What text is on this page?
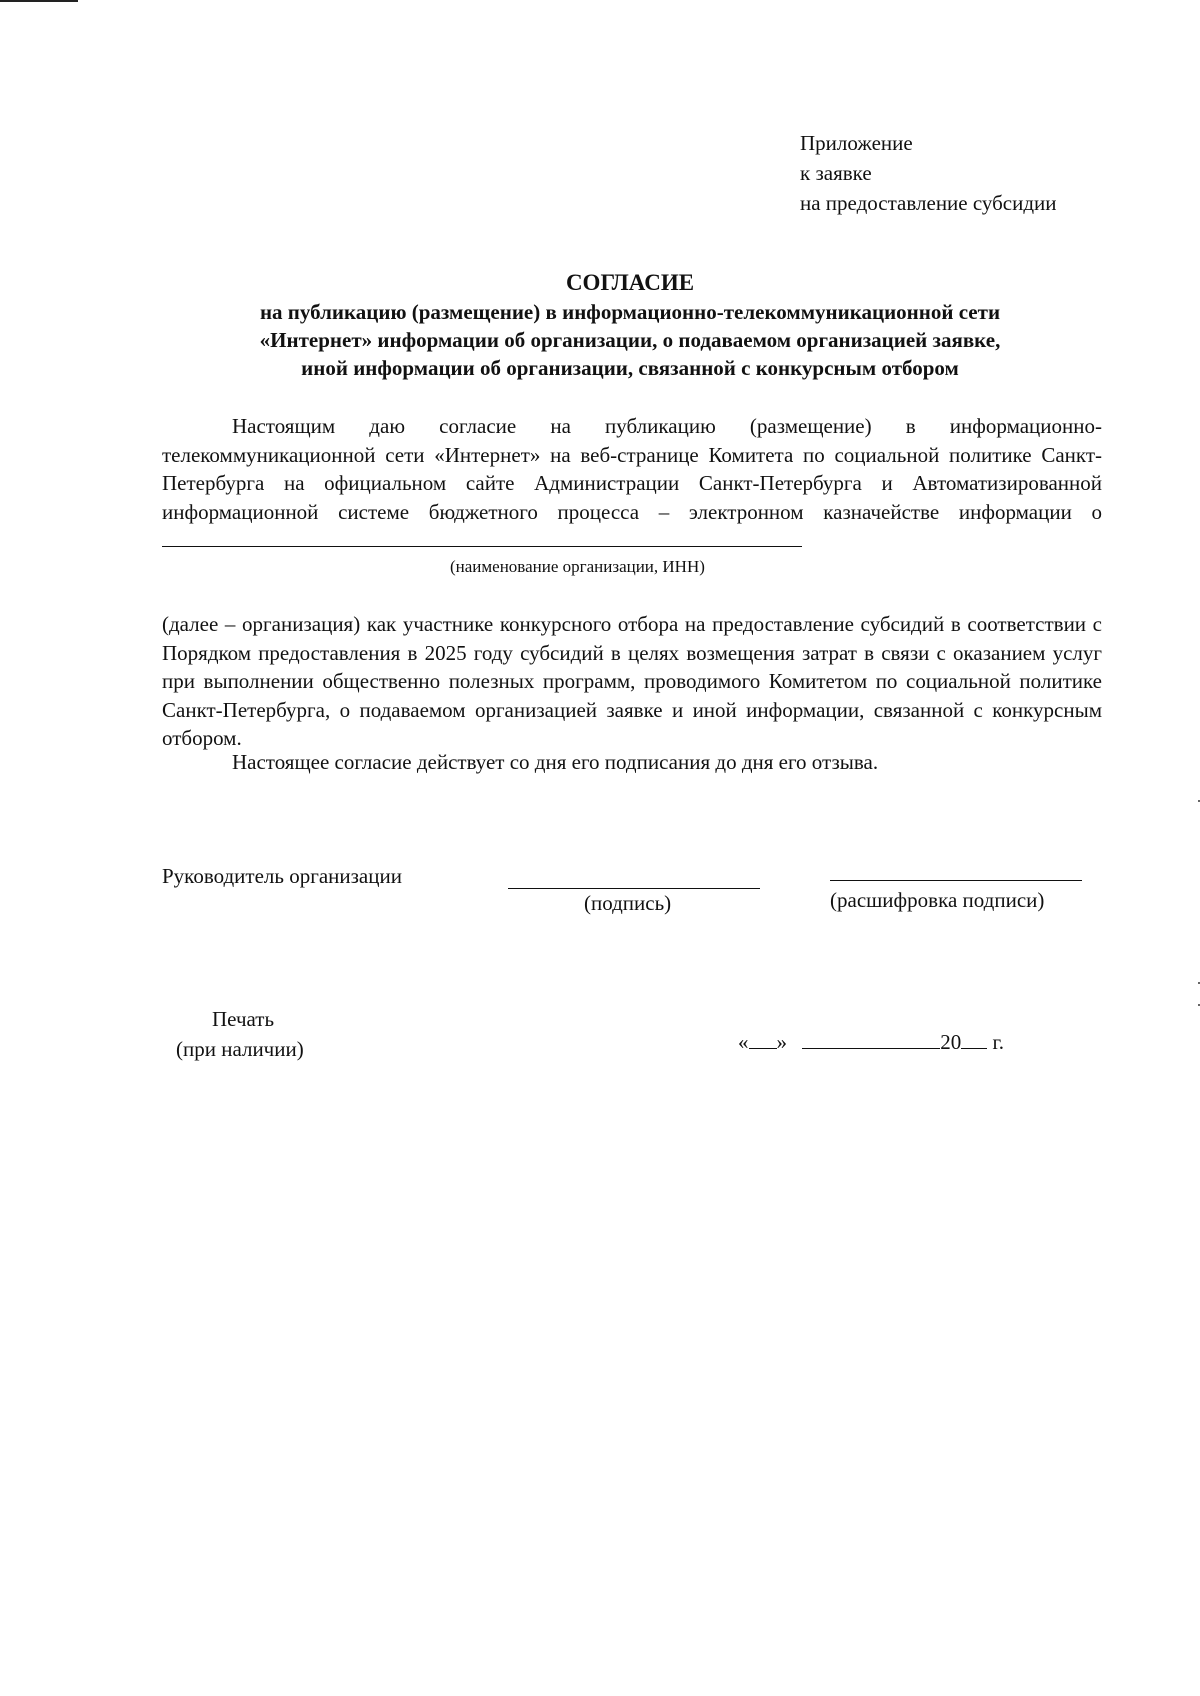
Приложение
к заявке
на предоставление субсидии
СОГЛАСИЕ
на публикацию (размещение) в информационно-телекоммуникационной сети
«Интернет» информации об организации, о подаваемом организацией заявке,
иной информации об организации, связанной с конкурсным отбором
Настоящим даю согласие на публикацию (размещение) в информационно-телекоммуникационной сети «Интернет» на веб-странице Комитета по социальной политике Санкт-Петербурга на официальном сайте Администрации Санкт-Петербурга и Автоматизированной информационной системе бюджетного процесса – электронном казначействе информации о
(наименование организации, ИНН)
(далее – организация) как участнике конкурсного отбора на предоставление субсидий в соответствии с Порядком предоставления в 2025 году субсидий в целях возмещения затрат в связи с оказанием услуг при выполнении общественно полезных программ, проводимого Комитетом по социальной политике Санкт-Петербурга, о подаваемом организацией заявке и иной информации, связанной с конкурсным отбором.
Настоящее согласие действует со дня его подписания до дня его отзыва.
Руководитель организации
(подпись)	(расшифровка подписи)
Печать
(при наличии)	« »	20 г.
